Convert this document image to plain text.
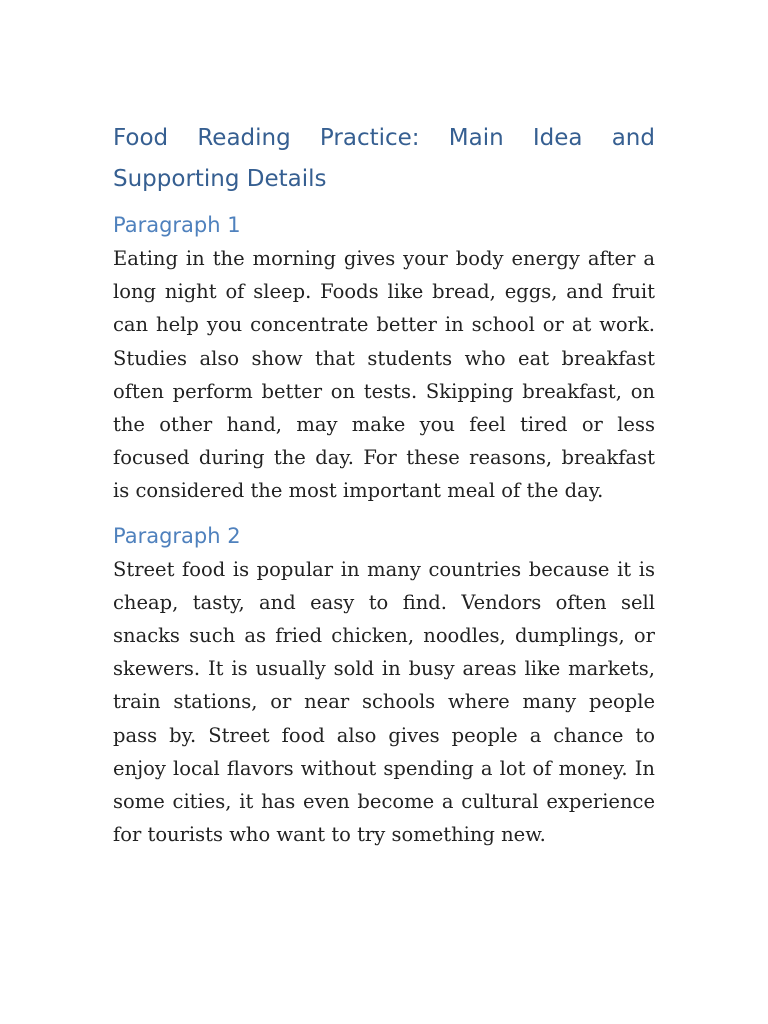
Food Reading Practice: Main Idea and Supporting Details
Paragraph 1

Eating in the morning gives your body energy after a long night of sleep. Foods like bread, eggs, and fruit can help you concentrate better in school or at work. Studies also show that students who eat breakfast often perform better on tests. Skipping breakfast, on the other hand, may make you feel tired or less focused during the day. For these reasons, breakfast is considered the most important meal of the day.

Paragraph 2

Street food is popular in many countries because it is cheap, tasty, and easy to find. Vendors often sell snacks such as fried chicken, noodles, dumplings, or skewers. It is usually sold in busy areas like markets, train stations, or near schools where many people pass by. Street food also gives people a chance to enjoy local flavors without spending a lot of money. In some cities, it has even become a cultural experience for tourists who want to try something new.
